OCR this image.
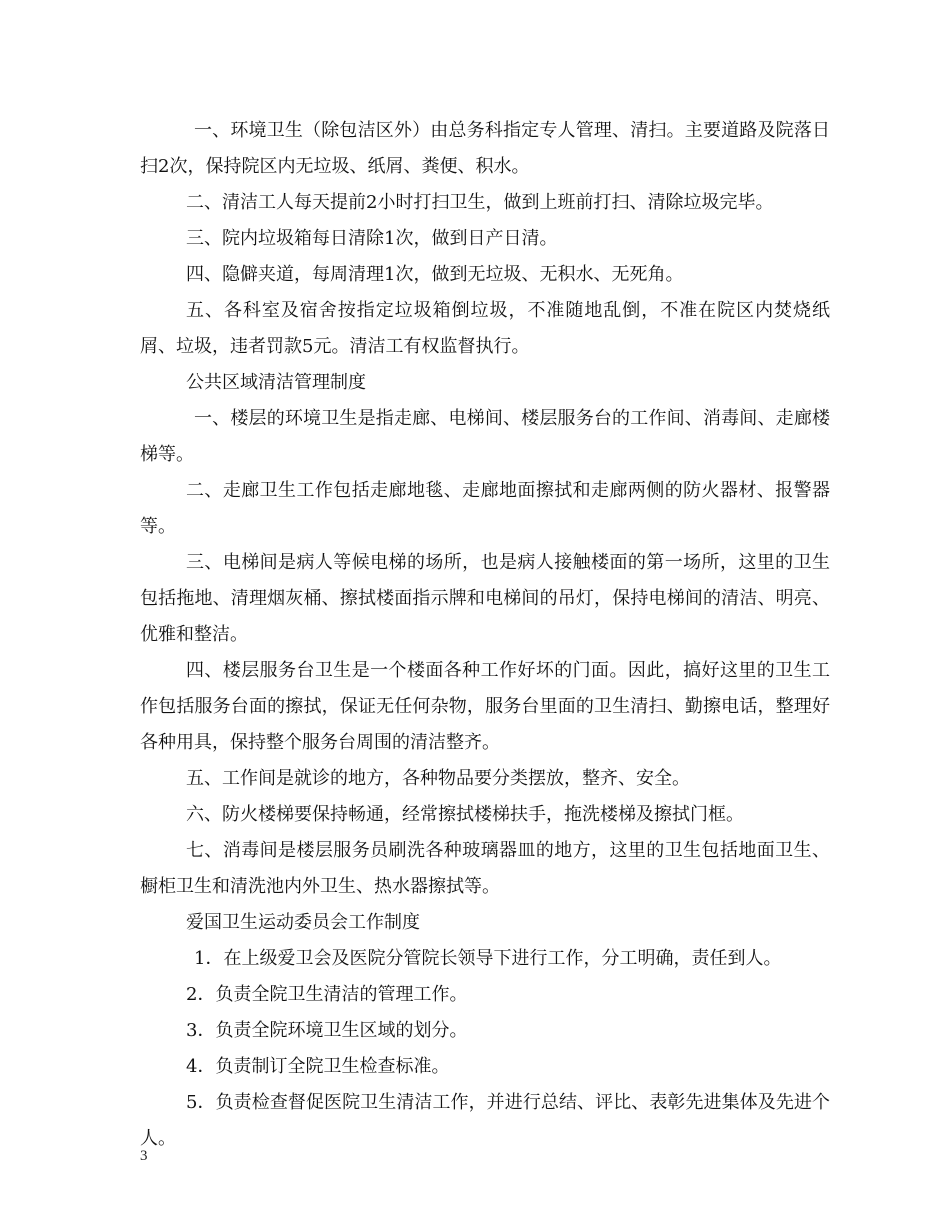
一、环境卫生（除包洁区外）由总务科指定专人管理、清扫。主要道路及院落日扫2次，保持院区内无垃圾、纸屑、粪便、积水。

二、清洁工人每天提前2小时打扫卫生，做到上班前打扫、清除垃圾完毕。

三、院内垃圾箱每日清除1次，做到日产日清。

四、隐僻夹道，每周清理1次，做到无垃圾、无积水、无死角。

五、各科室及宿舍按指定垃圾箱倒垃圾，不准随地乱倒，不准在院区内焚烧纸屑、垃圾，违者罚款5元。清洁工有权监督执行。

公共区域清洁管理制度

一、楼层的环境卫生是指走廊、电梯间、楼层服务台的工作间、消毒间、走廊楼梯等。

二、走廊卫生工作包括走廊地毯、走廊地面擦拭和走廊两侧的防火器材、报警器等。

三、电梯间是病人等候电梯的场所，也是病人接触楼面的第一场所，这里的卫生包括拖地、清理烟灰桶、擦拭楼面指示牌和电梯间的吊灯，保持电梯间的清洁、明亮、优雅和整洁。

四、楼层服务台卫生是一个楼面各种工作好坏的门面。因此，搞好这里的卫生工作包括服务台面的擦拭，保证无任何杂物，服务台里面的卫生清扫、勤擦电话，整理好各种用具，保持整个服务台周围的清洁整齐。

五、工作间是就诊的地方，各种物品要分类摆放，整齐、安全。

六、防火楼梯要保持畅通，经常擦拭楼梯扶手，拖洗楼梯及擦拭门框。

七、消毒间是楼层服务员刷洗各种玻璃器皿的地方，这里的卫生包括地面卫生、橱柜卫生和清洗池内外卫生、热水器擦拭等。

爱国卫生运动委员会工作制度

1．在上级爱卫会及医院分管院长领导下进行工作，分工明确，责任到人。

2．负责全院卫生清洁的管理工作。

3．负责全院环境卫生区域的划分。

4．负责制订全院卫生检查标准。

5．负责检查督促医院卫生清洁工作，并进行总结、评比、表彰先进集体及先进个人。

3
